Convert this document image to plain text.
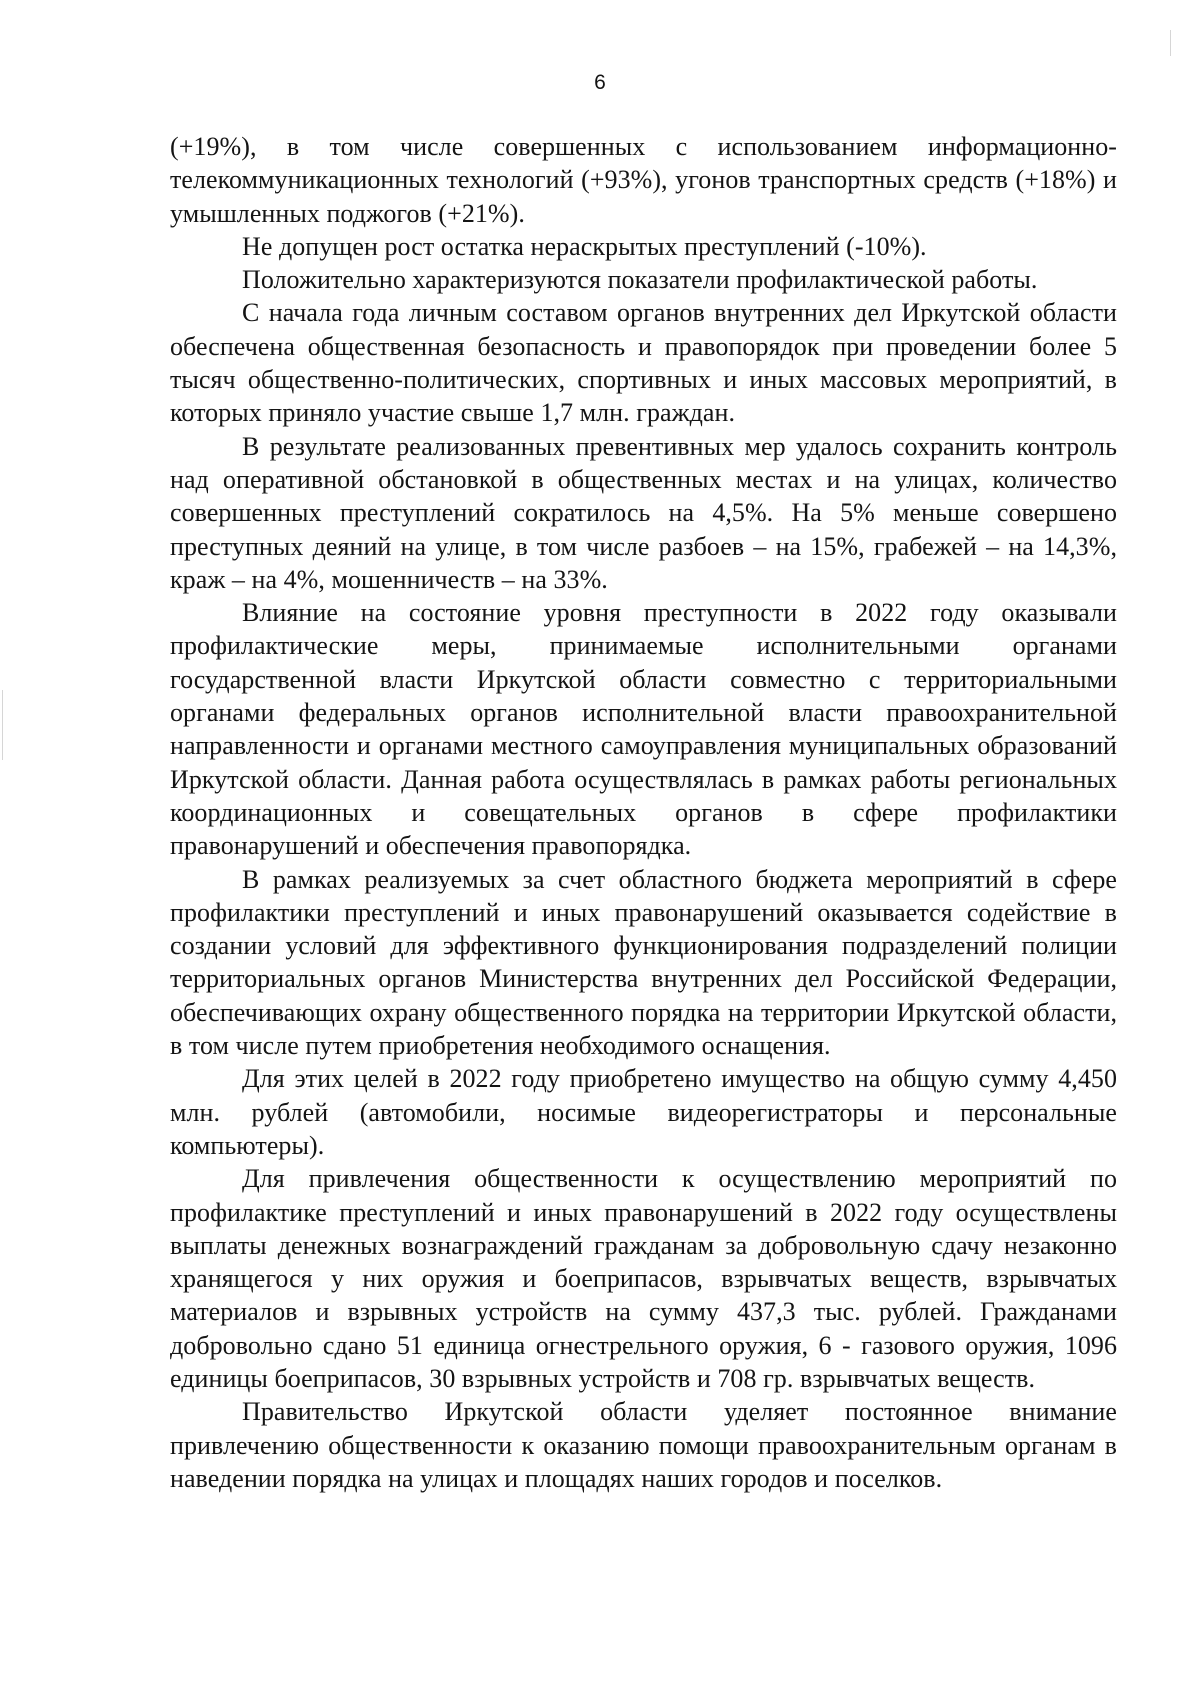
6

(+19%), в том числе совершенных с использованием информационно-телекоммуникационных технологий (+93%), угонов транспортных средств (+18%) и умышленных поджогов (+21%).

Не допущен рост остатка нераскрытых преступлений (-10%).

Положительно характеризуются показатели профилактической работы.

С начала года личным составом органов внутренних дел Иркутской области обеспечена общественная безопасность и правопорядок при проведении более 5 тысяч общественно-политических, спортивных и иных массовых мероприятий, в которых приняло участие свыше 1,7 млн. граждан.

В результате реализованных превентивных мер удалось сохранить контроль над оперативной обстановкой в общественных местах и на улицах, количество совершенных преступлений сократилось на 4,5%. На 5% меньше совершено преступных деяний на улице, в том числе разбоев – на 15%, грабежей – на 14,3%, краж – на 4%, мошенничеств – на 33%.

Влияние на состояние уровня преступности в 2022 году оказывали профилактические меры, принимаемые исполнительными органами государственной власти Иркутской области совместно с территориальными органами федеральных органов исполнительной власти правоохранительной направленности и органами местного самоуправления муниципальных образований Иркутской области. Данная работа осуществлялась в рамках работы региональных координационных и совещательных органов в сфере профилактики правонарушений и обеспечения правопорядка.

В рамках реализуемых за счет областного бюджета мероприятий в сфере профилактики преступлений и иных правонарушений оказывается содействие в создании условий для эффективного функционирования подразделений полиции территориальных органов Министерства внутренних дел Российской Федерации, обеспечивающих охрану общественного порядка на территории Иркутской области, в том числе путем приобретения необходимого оснащения.

Для этих целей в 2022 году приобретено имущество на общую сумму 4,450 млн. рублей (автомобили, носимые видеорегистраторы и персональные компьютеры).

Для привлечения общественности к осуществлению мероприятий по профилактике преступлений и иных правонарушений в 2022 году осуществлены выплаты денежных вознаграждений гражданам за добровольную сдачу незаконно хранящегося у них оружия и боеприпасов, взрывчатых веществ, взрывчатых материалов и взрывных устройств на сумму 437,3 тыс. рублей. Гражданами добровольно сдано 51 единица огнестрельного оружия, 6 - газового оружия, 1096 единицы боеприпасов, 30 взрывных устройств и 708 гр. взрывчатых веществ.

Правительство Иркутской области уделяет постоянное внимание привлечению общественности к оказанию помощи правоохранительным органам в наведении порядка на улицах и площадях наших городов и поселков.
